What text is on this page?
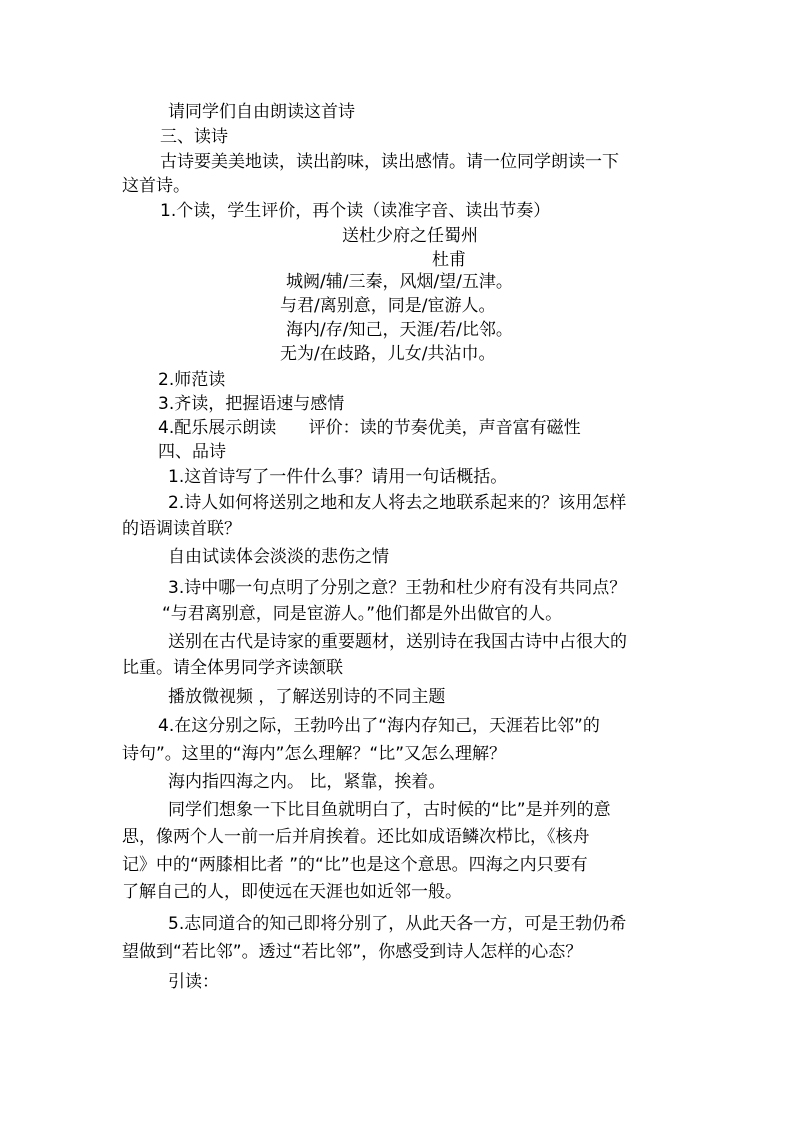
请同学们自由朗读这首诗
三、读诗
古诗要美美地读，读出韵味，读出感情。请一位同学朗读一下
这首诗。
1.个读，学生评价，再个读（读准字音、读出节奏）
送杜少府之任蜀州
杜甫
城阙/辅/三秦，风烟/望/五津。
与君/离别意，同是/宦游人。
海内/存/知己，天涯/若/比邻。
无为/在歧路，儿女/共沾巾。
2.师范读
3.齐读，把握语速与感情
4.配乐展示朗读      评价：读的节奏优美，声音富有磁性
四、品诗
1.这首诗写了一件什么事？请用一句话概括。
2.诗人如何将送别之地和友人将去之地联系起来的？该用怎样
的语调读首联？
自由试读体会淡淡的悲伤之情
3.诗中哪一句点明了分别之意？王勃和杜少府有没有共同点？
“与君离别意，同是宦游人。”他们都是外出做官的人。
送别在古代是诗家的重要题材，送别诗在我国古诗中占很大的
比重。请全体男同学齐读颔联
播放微视频 ，了解送别诗的不同主题
4.在这分别之际，王勃吟出了“海内存知己，天涯若比邻”的
诗句”。这里的“海内”怎么理解？“比”又怎么理解？
海内指四海之内。 比，紧靠，挨着。
同学们想象一下比目鱼就明白了，古时候的“比”是并列的意
思，像两个人一前一后并肩挨着。还比如成语鳞次栉比，《核舟
记》中的“两膝相比者 ”的“比”也是这个意思。四海之内只要有
了解自己的人，即使远在天涯也如近邻一般。
5.志同道合的知己即将分别了，从此天各一方，可是王勃仍希
望做到“若比邻”。透过“若比邻”，你感受到诗人怎样的心态？
引读：
